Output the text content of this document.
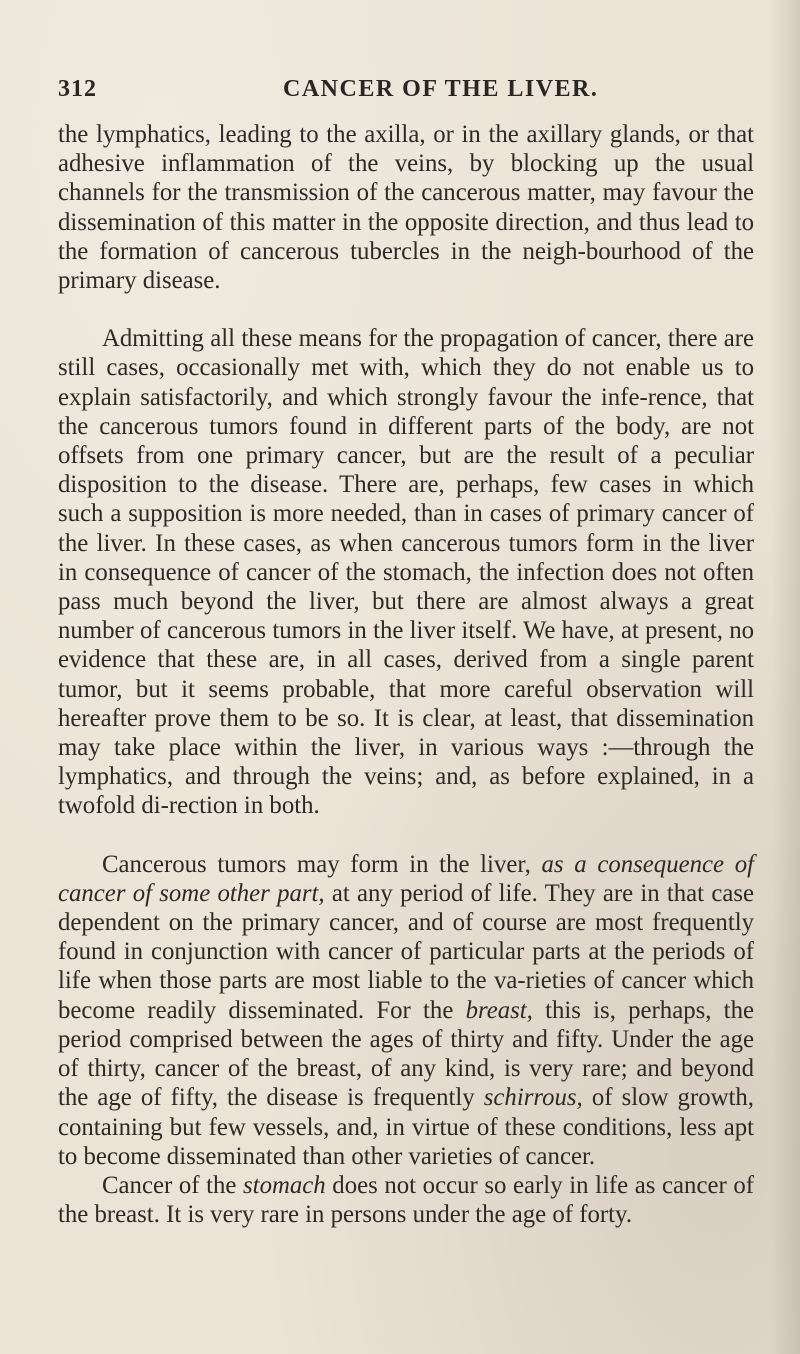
312	CANCER OF THE LIVER.

the lymphatics, leading to the axilla, or in the axillary glands, or that adhesive inflammation of the veins, by blocking up the usual channels for the transmission of the cancerous matter, may favour the dissemination of this matter in the opposite direction, and thus lead to the formation of cancerous tubercles in the neigh-bourhood of the primary disease.

Admitting all these means for the propagation of cancer, there are still cases, occasionally met with, which they do not enable us to explain satisfactorily, and which strongly favour the infe-rence, that the cancerous tumors found in different parts of the body, are not offsets from one primary cancer, but are the result of a peculiar disposition to the disease. There are, perhaps, few cases in which such a supposition is more needed, than in cases of primary cancer of the liver. In these cases, as when cancerous tumors form in the liver in consequence of cancer of the stomach, the infection does not often pass much beyond the liver, but there are almost always a great number of cancerous tumors in the liver itself. We have, at present, no evidence that these are, in all cases, derived from a single parent tumor, but it seems probable, that more careful observation will hereafter prove them to be so. It is clear, at least, that dissemination may take place within the liver, in various ways :—through the lymphatics, and through the veins; and, as before explained, in a twofold di-rection in both.

Cancerous tumors may form in the liver, as a consequence of cancer of some other part, at any period of life. They are in that case dependent on the primary cancer, and of course are most frequently found in conjunction with cancer of particular parts at the periods of life when those parts are most liable to the va-rieties of cancer which become readily disseminated. For the breast, this is, perhaps, the period comprised between the ages of thirty and fifty. Under the age of thirty, cancer of the breast, of any kind, is very rare; and beyond the age of fifty, the disease is frequently schirrous, of slow growth, containing but few vessels, and, in virtue of these conditions, less apt to become disseminated than other varieties of cancer.

Cancer of the stomach does not occur so early in life as cancer of the breast. It is very rare in persons under the age of forty.
